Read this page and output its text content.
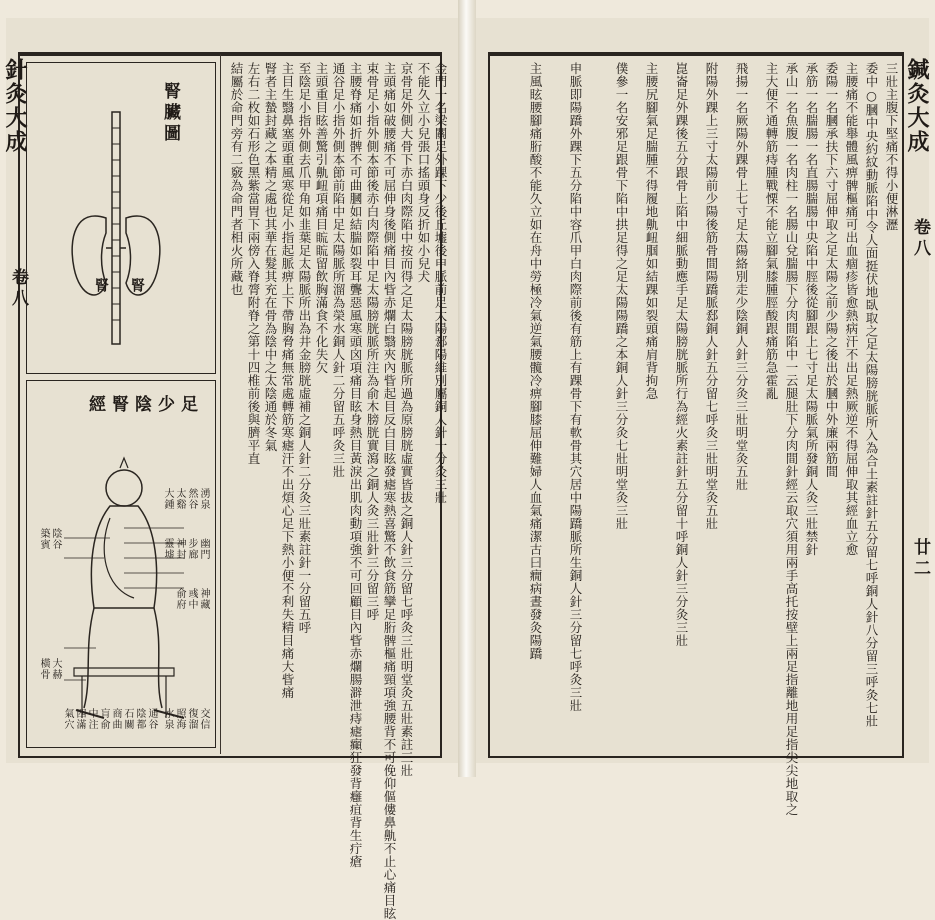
針灸大成
卷八	金門一名梁關足外踝下少後丘墟後申脈前足太陽郄陽維別屬銅人針一分灸三壯
不能久立小兒張口搖頭身反折如小兒犬
京骨足外側大骨下赤白肉際陷中按而得之足太陽膀胱脈所過為原膀胱虛實皆拔之銅人針三分留七呼灸三壯明堂灸五壯素註三壯
主頭痛如破腰痛不可屈伸身後側痛目內眥赤爛白翳夾內眥起目反白目眩發瘧寒熱喜驚不飲食筋攣足胻髀樞痛頸項強腰背不可俛仰傴僂鼻鼽不止心痛目眩
束骨足小指外側本節後赤白肉際陷中足太陽膀胱脈所注為俞木膀胱實瀉之銅人灸三壯針三分留三呼
主腰脊痛如折髀不可曲膕如結腨如裂耳聾惡風寒頭囟項痛目眩身熱目黃淚出肌肉動項強不可回顧目內眥赤爛腸澼泄痔瘧癲狂發背癰疽背生疔瘡
通谷足小指外側本節前陷中足太陽脈所溜為榮水銅人針二分留五呼灸三壯
主頭重目眩善驚引鼽衄項痛目䀮䀮留飲胸滿食不化失欠
至陰足小指外側去爪甲角如韭葉足太陽脈所出為井金膀胱虛補之銅人針二分灸三壯素註針一分留五呼
主目生翳鼻塞頭重風寒從足小指起脈痹上下帶胸脅痛無常處轉筋寒瘧汗不出煩心足下熱小便不利失精目痛大眥痛
腎者主蟄封藏之本精之處也其華在髮其充在骨為陰中之太陰通於冬氣
左右二枚如石形色黑紫當胃下兩傍入脊膂附脊之第十四椎前後與臍平直
結屬於命門旁有二竅為命門者相火所藏也
腎臟圖
腎	腎
足少陰腎經
湧泉
然谷
太谿
大鍾
水泉 照海 復溜 交信
築賓 陰谷
橫骨 大赫
氣穴 四滿 中注 肓俞 商曲 石關 陰都 通谷
幽門
步廊
神封
靈墟
神藏
彧中
俞府
鍼灸大成
卷八
廿二
三壯主腹下堅痛不得小便淋瀝
委中○膕中央約紋動脈陷中令人面挺伏地臥取之足太陽膀胱脈所入為合土素註針五分留七呼銅人針八分留三呼灸七壯
主腰痛不能舉體風痹髀樞痛可出血痼疹皆愈熱病汗不出足熱厥逆不得屈伸取其經血立愈
委陽一名膕承扶下六寸屈伸取之足太陽之前少陽之後出於膕中外廉兩筋間
承筋一名腨腸一名直腸腨腸中央陷中脛後從腳跟上七寸足太陽脈氣所發銅人灸三壯禁針
承山一名魚腹一名肉柱一名腸山兌腨腸下分肉間陷中一云腿肚下分肉間針經云取穴須用兩手高托按壁上兩足指離地用足指尖尖地取之
主大便不通轉筋痔腫戰慄不能立腳氣膝腫脛酸跟痛筋急霍亂
飛揚一名厥陽外踝骨上七寸足太陽絡別走少陰銅人針三分灸三壯明堂灸五壯
附陽外踝上三寸太陽前少陽後筋骨間陽蹻脈郄銅人針五分留七呼灸三壯明堂灸五壯
崑崙足外踝後五分跟骨上陷中細脈動應手足太陽膀胱脈所行為經火素註針五分留十呼銅人針三分灸三壯
主腰尻腳氣足腨腫不得履地鼽衄腘如結踝如裂頭痛肩背拘急
僕參一名安邪足跟骨下陷中拱足得之足太陽陽蹻之本銅人針三分灸七壯明堂灸三壯
申脈即陽蹻外踝下五分陷中容爪甲白肉際前後有筋上有踝骨下有軟骨其穴居中陽蹻脈所生銅人針三分留七呼灸三壯
主風眩腰腳痛胻酸不能久立如在舟中勞極冷氣逆氣腰髖冷痹腳膝屈伸難婦人血氣痛潔古曰癇病晝發灸陽蹻
